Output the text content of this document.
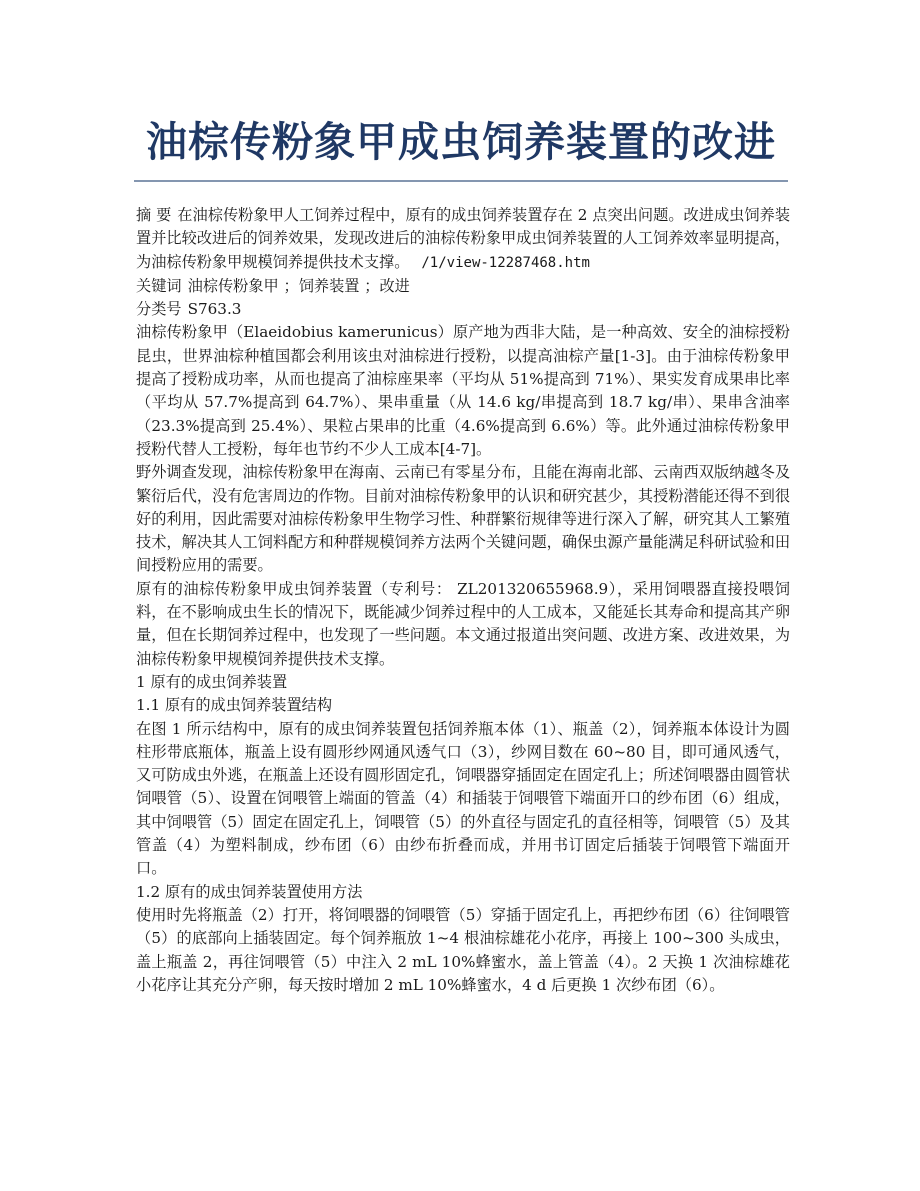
油棕传粉象甲成虫饲养装置的改进

摘 要 在油棕传粉象甲人工饲养过程中，原有的成虫饲养装置存在 2 点突出问题。改进成虫饲养装置并比较改进后的饲养效果，发现改进后的油棕传粉象甲成虫饲养装置的人工饲养效率显明提高，为油棕传粉象甲规模饲养提供技术支撑。 /1/view-12287468.htm

关键词 油棕传粉象甲 ；饲养装置 ；改进

分类号 S763.3

油棕传粉象甲（Elaeidobius kamerunicus）原产地为西非大陆，是一种高效、安全的油棕授粉昆虫，世界油棕种植国都会利用该虫对油棕进行授粉，以提高油棕产量[1-3]。由于油棕传粉象甲提高了授粉成功率，从而也提高了油棕座果率（平均从 51%提高到 71%）、果实发育成果串比率（平均从 57.7%提高到 64.7%）、果串重量（从 14.6 kg/串提高到 18.7 kg/串）、果串含油率（23.3%提高到 25.4%）、果粒占果串的比重（4.6%提高到 6.6%）等。此外通过油棕传粉象甲授粉代替人工授粉，每年也节约不少人工成本[4-7]。

野外调查发现，油棕传粉象甲在海南、云南已有零星分布，且能在海南北部、云南西双版纳越冬及繁衍后代，没有危害周边的作物。目前对油棕传粉象甲的认识和研究甚少，其授粉潜能还得不到很好的利用，因此需要对油棕传粉象甲生物学习性、种群繁衍规律等进行深入了解，研究其人工繁殖技术，解决其人工饲料配方和种群规模饲养方法两个关键问题，确保虫源产量能满足科研试验和田间授粉应用的需要。

原有的油棕传粉象甲成虫饲养装置（专利号： ZL201320655968.9），采用饲喂器直接投喂饲料，在不影响成虫生长的情况下，既能减少饲养过程中的人工成本，又能延长其寿命和提高其产卵量，但在长期饲养过程中，也发现了一些问题。本文通过报道出突问题、改进方案、改进效果，为油棕传粉象甲规模饲养提供技术支撑。

1 原有的成虫饲养装置

1.1 原有的成虫饲养装置结构

在图 1 所示结构中，原有的成虫饲养装置包括饲养瓶本体（1）、瓶盖（2），饲养瓶本体设计为圆柱形带底瓶体，瓶盖上设有圆形纱网通风透气口（3），纱网目数在 60~80 目，即可通风透气，又可防成虫外逃，在瓶盖上还设有圆形固定孔，饲喂器穿插固定在固定孔上；所述饲喂器由圆管状饲喂管（5）、设置在饲喂管上端面的管盖（4）和插装于饲喂管下端面开口的纱布团（6）组成，其中饲喂管（5）固定在固定孔上，饲喂管（5）的外直径与固定孔的直径相等，饲喂管（5）及其管盖（4）为塑料制成，纱布团（6）由纱布折叠而成，并用书订固定后插装于饲喂管下端面开口。

1.2 原有的成虫饲养装置使用方法

使用时先将瓶盖（2）打开，将饲喂器的饲喂管（5）穿插于固定孔上，再把纱布团（6）往饲喂管（5）的底部向上插装固定。每个饲养瓶放 1~4 根油棕雄花小花序，再接上 100~300 头成虫，盖上瓶盖 2，再往饲喂管（5）中注入 2 mL 10%蜂蜜水，盖上管盖（4）。2 天换 1 次油棕雄花小花序让其充分产卵，每天按时增加 2 mL 10%蜂蜜水，4 d 后更换 1 次纱布团（6）。
